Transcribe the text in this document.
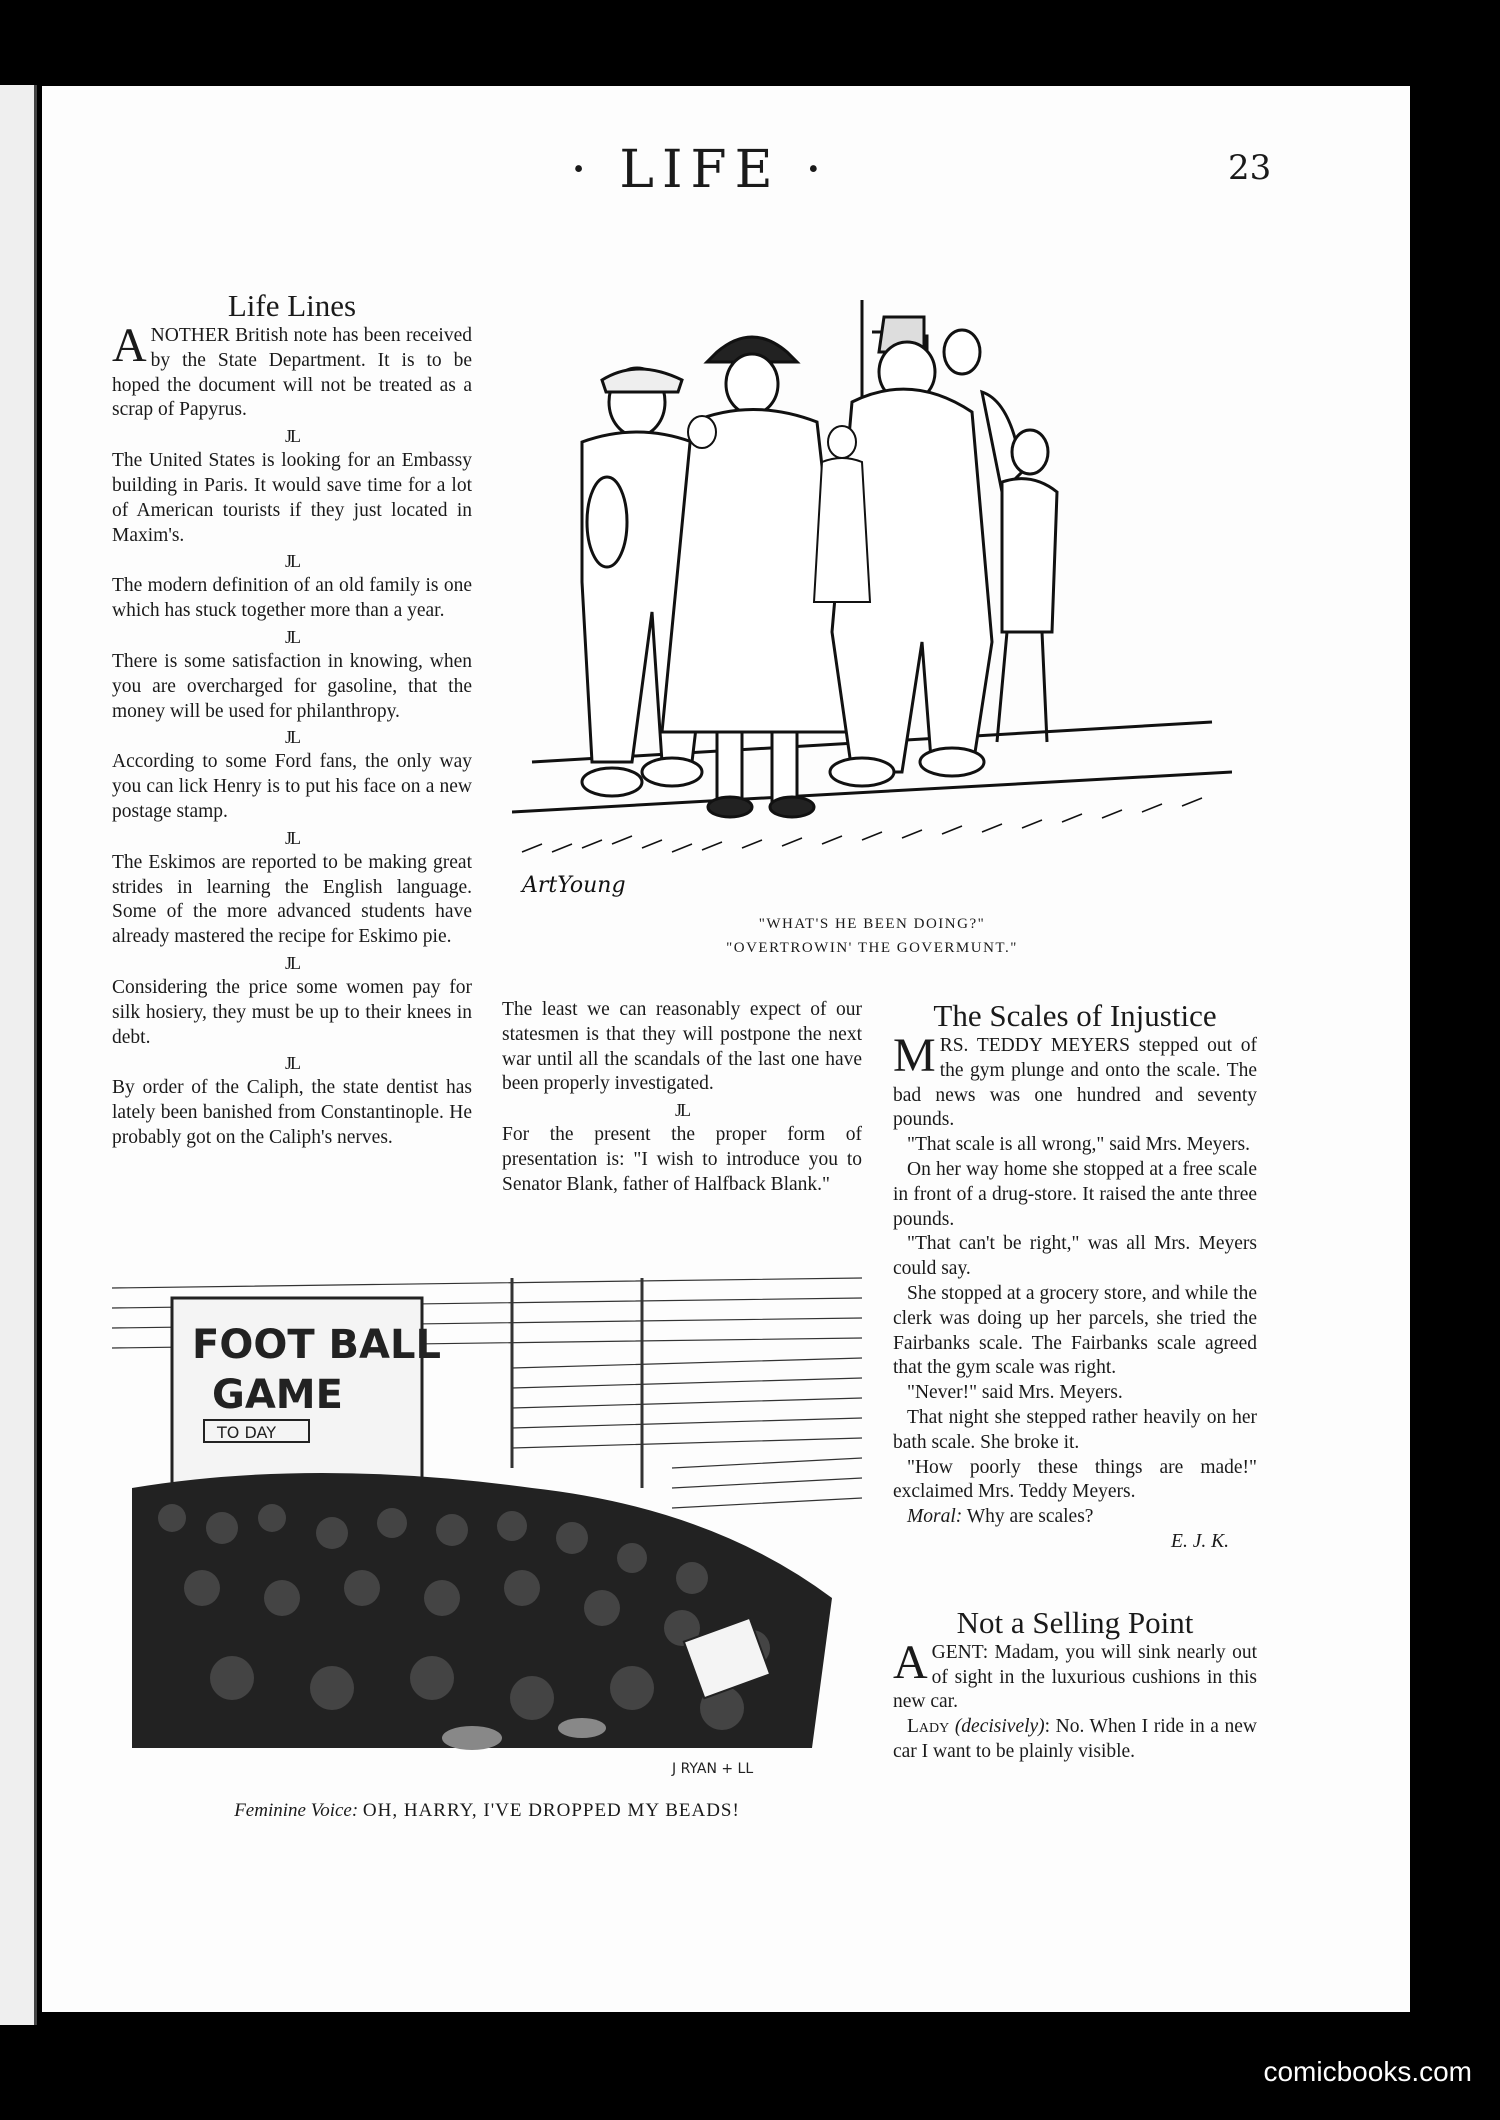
· LIFE ·	23

Life Lines

ANOTHER British note has been received by the State Department. It is to be hoped the document will not be treated as a scrap of Papyrus.

JL

The United States is looking for an Embassy building in Paris. It would save time for a lot of American tourists if they just located in Maxim's.

JL

The modern definition of an old family is one which has stuck together more than a year.

JL

There is some satisfaction in knowing, when you are overcharged for gasoline, that the money will be used for philanthropy.

JL

According to some Ford fans, the only way you can lick Henry is to put his face on a new postage stamp.

JL

The Eskimos are reported to be making great strides in learning the English language. Some of the more advanced students have already mastered the recipe for Eskimo pie.

JL

Considering the price some women pay for silk hosiery, they must be up to their knees in debt.

JL

By order of the Caliph, the state dentist has lately been banished from Constantinople. He probably got on the Caliph's nerves.

ArtYoung
"WHAT'S HE BEEN DOING?"
"OVERTROWIN' THE GOVERMUNT."

The least we can reasonably expect of our statesmen is that they will postpone the next war until all the scandals of the last one have been properly investigated.

JL

For the present the proper form of presentation is: "I wish to introduce you to Senator Blank, father of Halfback Blank."

The Scales of Injustice

MRS. TEDDY MEYERS stepped out of the gym plunge and onto the scale. The bad news was one hundred and seventy pounds.

"That scale is all wrong," said Mrs. Meyers.

On her way home she stopped at a free scale in front of a drug-store. It raised the ante three pounds.

"That can't be right," was all Mrs. Meyers could say.

She stopped at a grocery store, and while the clerk was doing up her parcels, she tried the Fairbanks scale. The Fairbanks scale agreed that the gym scale was right.

"Never!" said Mrs. Meyers.

That night she stepped rather heavily on her bath scale. She broke it.

"How poorly these things are made!" exclaimed Mrs. Teddy Meyers.

Moral: Why are scales?

E. J. K.

Not a Selling Point

AGENT: Madam, you will sink nearly out of sight in the luxurious cushions in this new car.

Lady (decisively): No. When I ride in a new car I want to be plainly visible.

FOOT BALL
GAME
TO DAY
J RYAN + LL
Feminine Voice: OH, HARRY, I'VE DROPPED MY BEADS!
comicbooks.com
